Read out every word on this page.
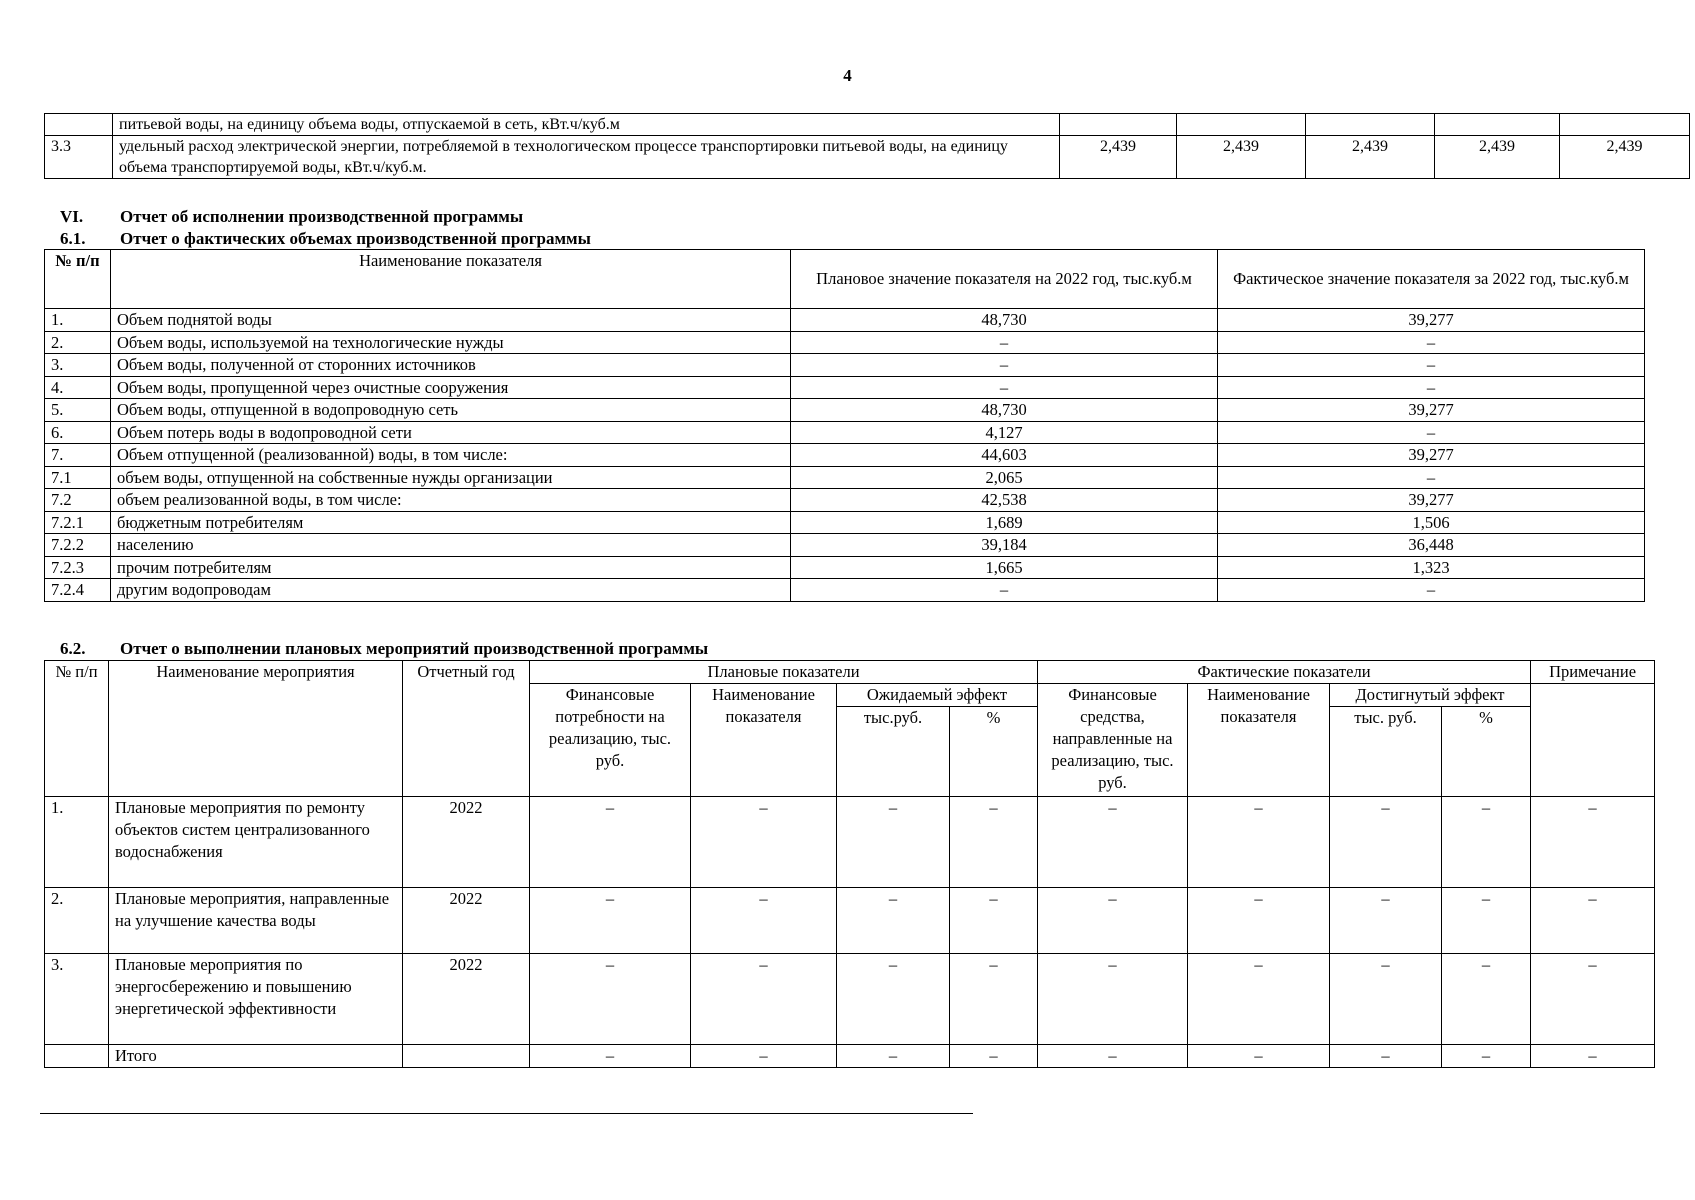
4
	питьевой воды, на единицу объема воды, отпускаемой в сеть, кВт.ч/куб.м					
3.3	удельный расход электрической энергии, потребляемой в технологическом процессе транспортировки питьевой воды, на единицу объема транспортируемой воды, кВт.ч/куб.м.	2,439	2,439	2,439	2,439	2,439
VI. Отчет об исполнении производственной программы
6.1. Отчет о фактических объемах производственной программы
№ п/п	Наименование показателя	Плановое значение показателя на 2022 год, тыс.куб.м	Фактическое значение показателя за 2022 год, тыс.куб.м
1.	Объем поднятой воды	48,730	39,277
2.	Объем воды, используемой на технологические нужды	–	–
3.	Объем воды, полученной от сторонних источников	–	–
4.	Объем воды, пропущенной через очистные сооружения	–	–
5.	Объем воды, отпущенной в водопроводную сеть	48,730	39,277
6.	Объем потерь воды в водопроводной сети	4,127	–
7.	Объем отпущенной (реализованной) воды, в том числе:	44,603	39,277
7.1	объем воды, отпущенной на собственные нужды организации	2,065	–
7.2	объем реализованной воды, в том числе:	42,538	39,277
7.2.1	бюджетным потребителям	1,689	1,506
7.2.2	населению	39,184	36,448
7.2.3	прочим потребителям	1,665	1,323
7.2.4	другим водопроводам	–	–
6.2. Отчет о выполнении плановых мероприятий производственной программы
№ п/п	Наименование мероприятия	Отчетный год	Плановые показатели				Фактические показатели				Примечание
			Финансовые потребности на реализацию, тыс. руб.	Наименование показателя	Ожидаемый эффект		Финансовые средства, направленные на реализацию, тыс. руб.	Наименование показателя	Достигнутый эффект		
					тыс.руб.	%			тыс. руб.	%	
1.	Плановые мероприятия по ремонту объектов систем централизованного водоснабжения	2022	–	–	–	–	–	–	–	–	–
2.	Плановые мероприятия, направленные на улучшение качества воды	2022	–	–	–	–	–	–	–	–	–
3.	Плановые мероприятия по энергосбережению и повышению энергетической эффективности	2022	–	–	–	–	–	–	–	–	–
	Итого		–	–	–	–	–	–	–	–	–
